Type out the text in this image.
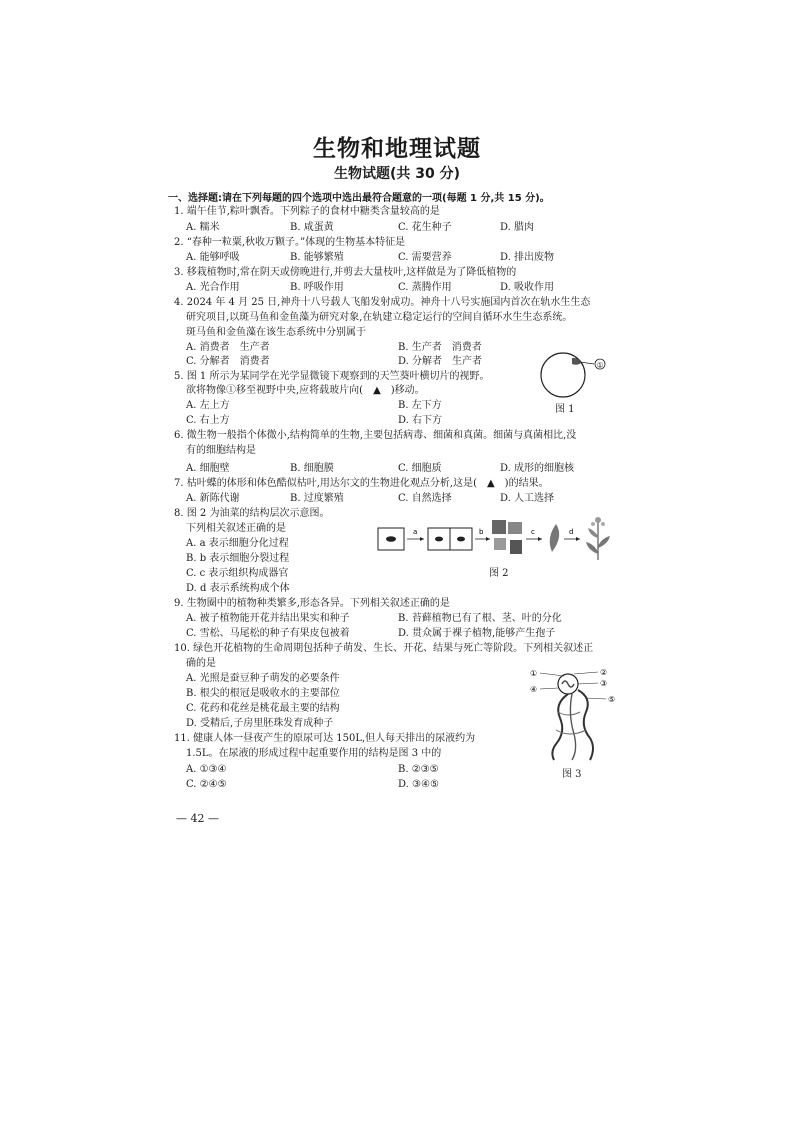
生物和地理试题
生物试题(共 30 分)
一、选择题:请在下列每题的四个选项中选出最符合题意的一项(每题 1 分,共 15 分)。
1. 端午佳节,粽叶飘香。下列粽子的食材中糖类含量较高的是
A. 糯米	B. 咸蛋黄	C. 花生种子	D. 腊肉
2. “春种一粒粟,秋收万颗子。”体现的生物基本特征是
A. 能够呼吸	B. 能够繁殖	C. 需要营养	D. 排出废物
3. 移栽植物时,常在阴天或傍晚进行,并剪去大量枝叶,这样做是为了降低植物的
A. 光合作用	B. 呼吸作用	C. 蒸腾作用	D. 吸收作用
4. 2024 年 4 月 25 日,神舟十八号载人飞船发射成功。神舟十八号实施国内首次在轨水生生态
研究项目,以斑马鱼和金鱼藻为研究对象,在轨建立稳定运行的空间自循环水生生态系统。
斑马鱼和金鱼藻在该生态系统中分别属于
A. 消费者　生产者	B. 生产者　消费者
C. 分解者　消费者	D. 分解者　生产者
5. 图 1 所示为某同学在光学显微镜下观察到的天竺葵叶横切片的视野。
欲将物像①移至视野中央,应将载玻片向(　▲　)移动。
A. 左上方	B. 左下方
C. 右上方	D. 右下方
①
图 1
6. 微生物一般指个体微小,结构简单的生物,主要包括病毒、细菌和真菌。细菌与真菌相比,没
有的细胞结构是
A. 细胞壁	B. 细胞膜	C. 细胞质	D. 成形的细胞核
7. 枯叶蝶的体形和体色酷似枯叶,用达尔文的生物进化观点分析,这是(　▲　)的结果。
A. 新陈代谢	B. 过度繁殖	C. 自然选择	D. 人工选择
8. 图 2 为油菜的结构层次示意图。
下列相关叙述正确的是
A. a 表示细胞分化过程
B. b 表示细胞分裂过程
C. c 表示组织构成器官
D. d 表示系统构成个体
a	b	c	d
图 2
9. 生物圈中的植物种类繁多,形态各异。下列相关叙述正确的是
A. 被子植物能开花并结出果实和种子	B. 苔藓植物已有了根、茎、叶的分化
C. 雪松、马尾松的种子有果皮包被着	D. 贯众属于裸子植物,能够产生孢子
10. 绿色开花植物的生命周期包括种子萌发、生长、开花、结果与死亡等阶段。下列相关叙述正
确的是
A. 光照是蚕豆种子萌发的必要条件
B. 根尖的根冠是吸收水的主要部位
C. 花药和花丝是桃花最主要的结构
D. 受精后,子房里胚珠发育成种子
11. 健康人体一昼夜产生的原尿可达 150L,但人每天排出的尿液约为
1.5L。在尿液的形成过程中起重要作用的结构是图 3 中的
A. ①③④	B. ②③⑤
C. ②④⑤	D. ③④⑤
①	②
③
④
⑤
图 3
— 42 —
